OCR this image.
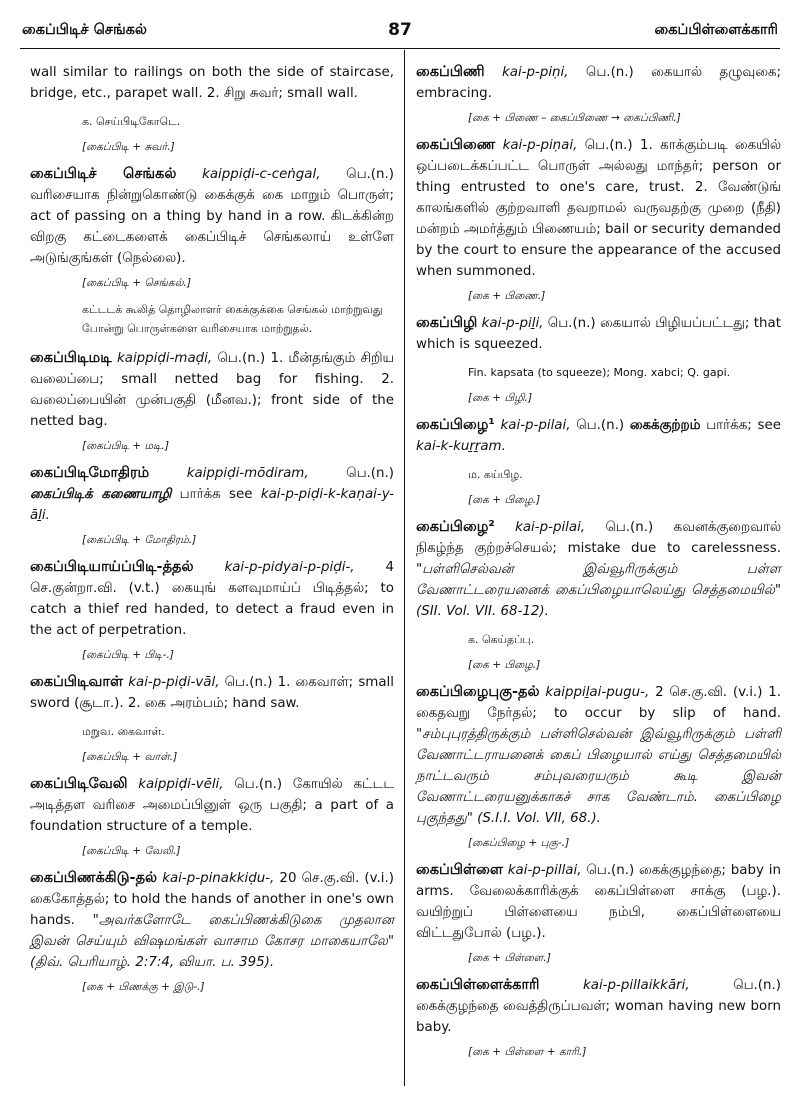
கைப்பிடிச் செங்கல்	87	கைப்பிள்ளைக்காரி
wall similar to railings on both the side of staircase, bridge, etc., parapet wall. 2. சிறு சுவர்; small wall.
க. செய்பிடிகோடெ.
[கைப்பிடி + சுவர்.]
கைப்பிடிச் செங்கல் kaippiḍi-c-ceṅgal, பெ.(n.) வரிசையாக நின்றுகொண்டு கைக்குக் கை மாறும் பொருள்; act of passing on a thing by hand in a row. கிடக்கின்ற விறகு கட்டைகளைக் கைப்பிடிச் செங்கலாய் உள்ளே அடுங்குங்கள் (நெல்லை).
[கைப்பிடி + செங்கல்.]
கட்டடக் கூலித் தொழிலாளர் கைக்குக்கை செங்கல் மாற்றுவது போன்று பொருள்களை வரிசையாக மாற்றுதல்.
கைப்பிடிமடி kaippiḍi-maḍi, பெ.(n.) 1. மீன்தங்கும் சிறிய வலைப்பை; small netted bag for fishing. 2. வலைப்பையின் முன்பகுதி (மீனவ.); front side of the netted bag.
[கைப்பிடி + மடி.]
கைப்பிடிமோதிரம்	kaippiḍi-mōdiram, பெ.(n.) கைப்பிடிக் கணையாழி பார்க்க see kai-p-piḍi-k-kaṇai-y-āḻi.
[கைப்பிடி + மோதிரம்.]
கைப்பிடியாய்ப்பிடி-த்தல் kai-p-pidyai-p-piḍi-, 4 செ.குன்றா.வி. (v.t.) கையுங் களவுமாய்ப் பிடித்தல்; to catch a thief red handed, to detect a fraud even in the act of perpetration.
[கைப்பிடி + பிடி-.]
கைப்பிடிவாள் kai-p-piḍi-vāl, பெ.(n.) 1. கைவாள்; small sword (சூடா.). 2. கை அரம்பம்; hand saw.
மறுவ. கைவாள்.
[கைப்பிடி + வாள்.]
கைப்பிடிவேலி kaippiḍi-vēli, பெ.(n.) கோயில் கட்டட அடித்தள வரிசை அமைப்பினுள் ஒரு பகுதி; a part of a foundation structure of a temple.
[கைப்பிடி + வேலி.]
கைப்பிணக்கிடு-தல் kai-p-pinakkiḍu-, 20 செ.கு.வி. (v.i.) கைகோத்தல்; to hold the hands of another in one's own hands. "அவர்களோடே கைப்பிணக்கிடுகை முதலான இவன் செய்யும் விஷமங்கள் வாசாம கோசர மாகையாலே" (திவ். பெரியாழ். 2:7:4, வியா. ப. 395).
[கை + பிணக்கு + இடு-.]
கைப்பிணி kai-p-piṇi, பெ.(n.) கையால் தழுவுகை; embracing.
[கை + பிணை – கைப்பிணை → கைப்பிணி.]
கைப்பிணை kai-p-piṇai, பெ.(n.) 1. காக்கும்படி கையில் ஒப்படைக்கப்பட்ட பொருள் அல்லது மாந்தர்; person or thing entrusted to one's care, trust. 2. வேண்டுங் காலங்களில் குற்றவாளி தவறாமல் வருவதற்கு முறை (நீதி) மன்றம் அமர்த்தும் பிணையம்; bail or security demanded by the court to ensure the appearance of the accused when summoned.
[கை + பிணை.]
கைப்பிழி kai-p-piḻi, பெ.(n.) கையால் பிழியப்பட்டது; that which is squeezed.
Fin. kapsata (to squeeze); Mong. xabci; Q. gapi.
[கை + பிழி.]
கைப்பிழை¹ kai-p-pilai, பெ.(n.) கைக்குற்றம் பார்க்க; see kai-k-kuṟṟam.
ம. கய்பிழ.
[கை + பிழை.]
கைப்பிழை² kai-p-pilai, பெ.(n.) கவனக்குறைவால் நிகழ்ந்த குற்றச்செயல்; mistake due to carelessness. "பள்ளிசெல்வன் இவ்வூரிருக்கும் பள்ள வேணாட்டரையனைக் கைப்பிழையாலெய்து செத்தமையில்" (SII. Vol. VII. 68-12).
க. கெய்தப்பு.
[கை + பிழை.]
கைப்பிழைபுகு-தல் kaippiḻai-pugu-, 2 செ.கு.வி. (v.i.) 1. கைதவறு நேர்தல்; to occur by slip of hand. "சம்புபுரத்திருக்கும் பள்ளிசெல்வன் இவ்வூரிருக்கும் பள்ளி வேணாட்டராயனைக் கைப் பிழையால் எய்து செத்தமையில் நாட்டவரும் சம்புவரையரும் கூடி இவன் வேணாட்டரையனுக்காகச் சாக வேண்டாம். கைப்பிழை புகுந்தது" (S.I.I. Vol. VII, 68.).
[கைப்பிழை + புகு-.]
கைப்பிள்ளை kai-p-pillai, பெ.(n.) கைக்குழந்தை; baby in arms. வேலைக்காரிக்குக் கைப்பிள்ளை சாக்கு (பழ.). வயிற்றுப் பிள்ளையை நம்பி, கைப்பிள்ளையை விட்டதுபோல் (பழ.).
[கை + பிள்ளை.]
கைப்பிள்ளைக்காரி	kai-p-pillaikkāri, பெ.(n.) கைக்குழந்தை வைத்திருப்பவள்; woman having new born baby.
[கை + பிள்ளை + காரி.]
